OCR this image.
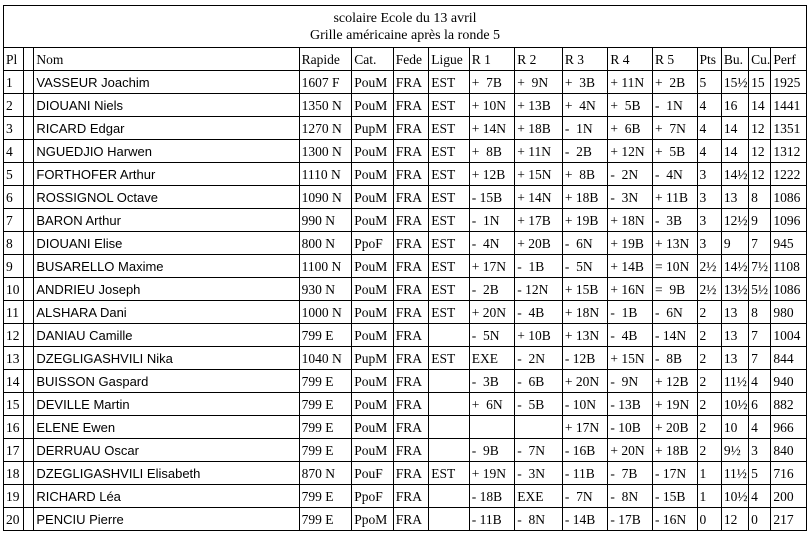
scolaire Ecole du 13 avril
Grille américaine après la ronde 5															

Pl		Nom	Rapide	Cat.	Fede	Ligue	R 1	R 2	R 3	R 4	R 5	Pts	Bu.	Cu.	Perf
1		VASSEUR Joachim	1607 F	PouM	FRA	EST	+  7B	+  9N	+  3B	+ 11N	+  2B	5	15½	15	1925
2		DIOUANI Niels	1350 N	PouM	FRA	EST	+ 10N	+ 13B	+  4N	+  5B	-  1N	4	16	14	1441
3		RICARD Edgar	1270 N	PupM	FRA	EST	+ 14N	+ 18B	-  1N	+  6B	+  7N	4	14	12	1351
4		NGUEDJIO Harwen	1300 N	PouM	FRA	EST	+  8B	+ 11N	-  2B	+ 12N	+  5B	4	14	12	1312
5		FORTHOFER Arthur	1110 N	PouM	FRA	EST	+ 12B	+ 15N	+  8B	-  2N	-  4N	3	14½	12	1222
6		ROSSIGNOL Octave	1090 N	PouM	FRA	EST	- 15B	+ 14N	+ 18B	-  3N	+ 11B	3	13	8	1086
7		BARON Arthur	990 N	PouM	FRA	EST	-  1N	+ 17B	+ 19B	+ 18N	-  3B	3	12½	9	1096
8		DIOUANI Elise	800 N	PpoF	FRA	EST	-  4N	+ 20B	-  6N	+ 19B	+ 13N	3	9	7	945
9		BUSARELLO Maxime	1100 N	PouM	FRA	EST	+ 17N	-  1B	-  5N	+ 14B	= 10N	2½	14½	7½	1108
10		ANDRIEU Joseph	930 N	PouM	FRA	EST	-  2B	- 12N	+ 15B	+ 16N	=  9B	2½	13½	5½	1086
11		ALSHARA Dani	1000 N	PouM	FRA	EST	+ 20N	-  4B	+ 18N	-  1B	-  6N	2	13	8	980
12		DANIAU Camille	799 E	PouM	FRA		-  5N	+ 10B	+ 13N	-  4B	- 14N	2	13	7	1004
13		DZEGLIGASHVILI Nika	1040 N	PupM	FRA	EST	EXE	-  2N	- 12B	+ 15N	-  8B	2	13	7	844
14		BUISSON Gaspard	799 E	PouM	FRA		-  3B	-  6B	+ 20N	-  9N	+ 12B	2	11½	4	940
15		DEVILLE Martin	799 E	PouM	FRA		+  6N	-  5B	- 10N	- 13B	+ 19N	2	10½	6	882
16		ELENE Ewen	799 E	PouM	FRA				+ 17N	- 10B	+ 20B	2	10	4	966
17		DERRUAU Oscar	799 E	PouM	FRA		-  9B	-  7N	- 16B	+ 20N	+ 18B	2	9½	3	840
18		DZEGLIGASHVILI Elisabeth	870 N	PouF	FRA	EST	+ 19N	-  3N	- 11B	-  7B	- 17N	1	11½	5	716
19		RICHARD Léa	799 E	PpoF	FRA		- 18B	EXE	-  7N	-  8N	- 15B	1	10½	4	200
20		PENCIU Pierre	799 E	PpoM	FRA		- 11B	-  8N	- 14B	- 17B	- 16N	0	12	0	217
